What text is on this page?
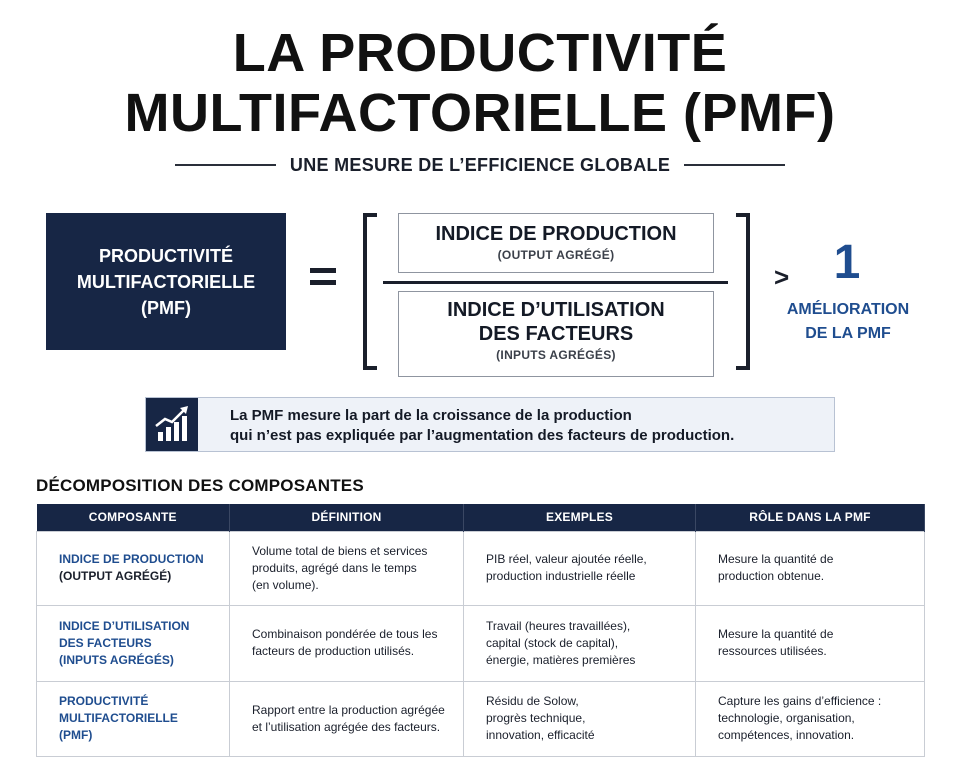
LA PRODUCTIVITÉ
MULTIFACTORIELLE (PMF)
UNE MESURE DE L’EFFICIENCE GLOBALE
PRODUCTIVITÉ
MULTIFACTORIELLE
(PMF)
INDICE DE PRODUCTION
(OUTPUT AGRÉGÉ)
INDICE D’UTILISATION
DES FACTEURS
(INPUTS AGRÉGÉS)
> 1
AMÉLIORATION
DE LA PMF
La PMF mesure la part de la croissance de la production
qui n’est pas expliquée par l’augmentation des facteurs de production.
DÉCOMPOSITION DES COMPOSANTES
COMPOSANTE	DÉFINITION	EXEMPLES	RÔLE DANS LA PMF

INDICE DE PRODUCTION
(OUTPUT AGRÉGÉ)	Volume total de biens et services
produits, agrégé dans le temps
(en volume).	PIB réel, valeur ajoutée réelle,
production industrielle réelle	Mesure la quantité de
production obtenue.

INDICE D’UTILISATION
DES FACTEURS
(INPUTS AGRÉGÉS)	Combinaison pondérée de tous les
facteurs de production utilisés.	Travail (heures travaillées),
capital (stock de capital),
énergie, matières premières	Mesure la quantité de
ressources utilisées.

PRODUCTIVITÉ
MULTIFACTORIELLE (PMF)	Rapport entre la production agrégée
et l’utilisation agrégée des facteurs.	Résidu de Solow,
progrès technique,
innovation, efficacité	Capture les gains d’efficience :
technologie, organisation,
compétences, innovation.
